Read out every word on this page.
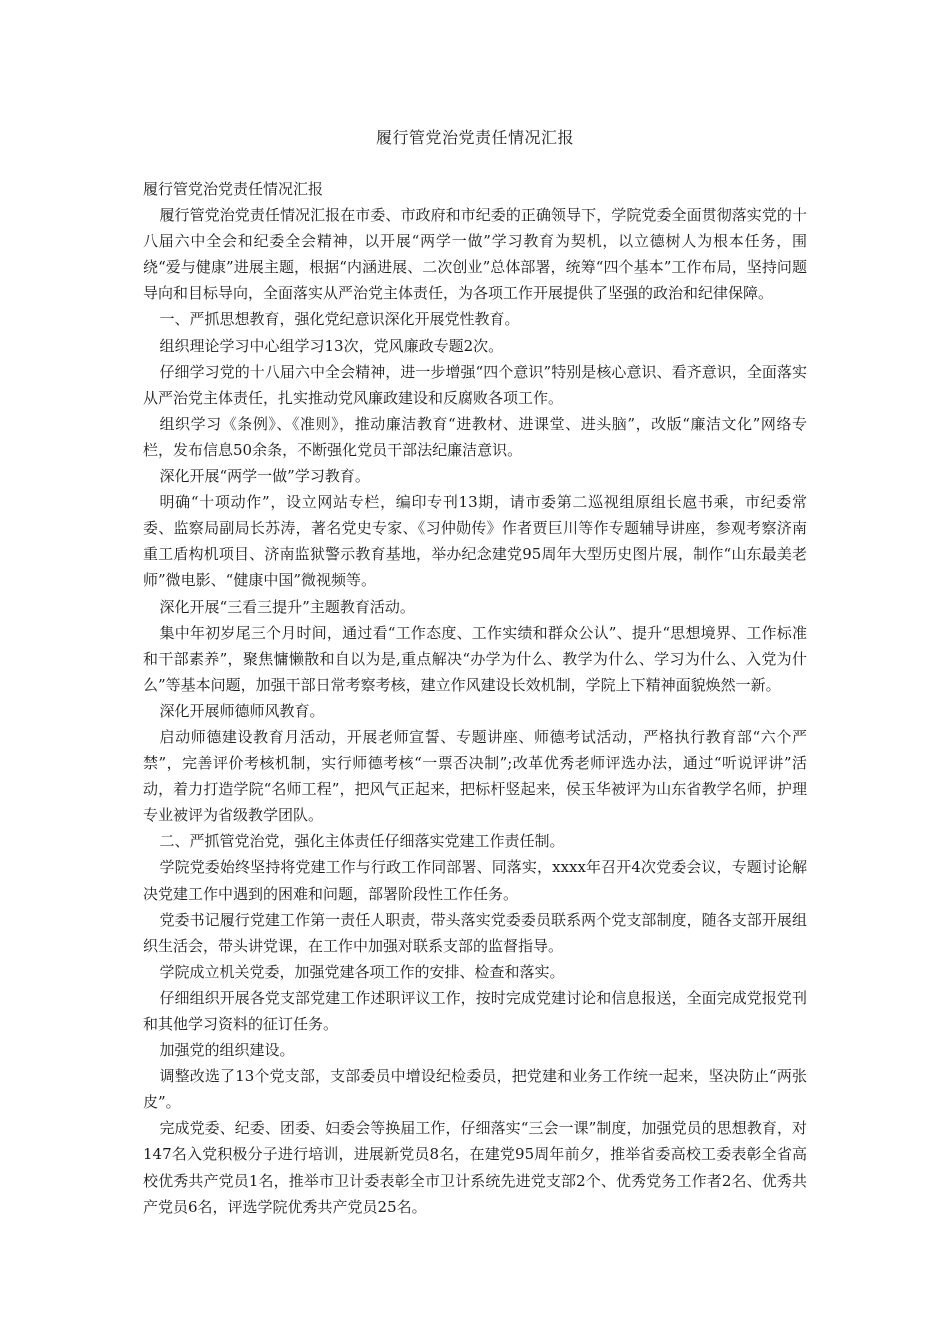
履行管党治党责任情况汇报

履行管党治党责任情况汇报

履行管党治党责任情况汇报在市委、市政府和市纪委的正确领导下，学院党委全面贯彻落实党的十八届六中全会和纪委全会精神，以开展“两学一做”学习教育为契机，以立德树人为根本任务，围绕“爱与健康”进展主题，根据“内涵进展、二次创业”总体部署，统筹“四个基本”工作布局，坚持问题导向和目标导向，全面落实从严治党主体责任，为各项工作开展提供了坚强的政治和纪律保障。

一、严抓思想教育，强化党纪意识深化开展党性教育。

组织理论学习中心组学习13次，党风廉政专题2次。

仔细学习党的十八届六中全会精神，进一步增强“四个意识”特别是核心意识、看齐意识，全面落实从严治党主体责任，扎实推动党风廉政建设和反腐败各项工作。

组织学习《条例》、《准则》，推动廉洁教育“进教材、进课堂、进头脑”，改版“廉洁文化”网络专栏，发布信息50余条，不断强化党员干部法纪廉洁意识。

深化开展“两学一做”学习教育。

明确“十项动作”，设立网站专栏，编印专刊13期，请市委第二巡视组原组长扈书乘，市纪委常委、监察局副局长苏涛，著名党史专家、《习仲勋传》作者贾巨川等作专题辅导讲座，参观考察济南重工盾构机项目、济南监狱警示教育基地，举办纪念建党95周年大型历史图片展，制作“山东最美老师”微电影、“健康中国”微视频等。

深化开展“三看三提升”主题教育活动。

集中年初岁尾三个月时间，通过看“工作态度、工作实绩和群众公认”、提升“思想境界、工作标准和干部素养”，聚焦慵懒散和自以为是,重点解决“办学为什么、教学为什么、学习为什么、入党为什么”等基本问题，加强干部日常考察考核，建立作风建设长效机制，学院上下精神面貌焕然一新。

深化开展师德师风教育。

启动师德建设教育月活动，开展老师宣誓、专题讲座、师德考试活动，严格执行教育部“六个严禁”，完善评价考核机制，实行师德考核“一票否决制”;改革优秀老师评选办法，通过“听说评讲”活动，着力打造学院“名师工程”，把风气正起来，把标杆竖起来，侯玉华被评为山东省教学名师，护理专业被评为省级教学团队。

二、严抓管党治党，强化主体责任仔细落实党建工作责任制。

学院党委始终坚持将党建工作与行政工作同部署、同落实，xxxx年召开4次党委会议，专题讨论解决党建工作中遇到的困难和问题，部署阶段性工作任务。

党委书记履行党建工作第一责任人职责，带头落实党委委员联系两个党支部制度，随各支部开展组织生活会，带头讲党课，在工作中加强对联系支部的监督指导。

学院成立机关党委，加强党建各项工作的安排、检查和落实。

仔细组织开展各党支部党建工作述职评议工作，按时完成党建讨论和信息报送，全面完成党报党刊和其他学习资料的征订任务。

加强党的组织建设。

调整改选了13个党支部，支部委员中增设纪检委员，把党建和业务工作统一起来，坚决防止“两张皮”。

完成党委、纪委、团委、妇委会等换届工作，仔细落实“三会一课”制度，加强党员的思想教育，对147名入党积极分子进行培训，进展新党员8名，在建党95周年前夕，推举省委高校工委表彰全省高校优秀共产党员1名，推举市卫计委表彰全市卫计系统先进党支部2个、优秀党务工作者2名、优秀共产党员6名，评选学院优秀共产党员25名。
